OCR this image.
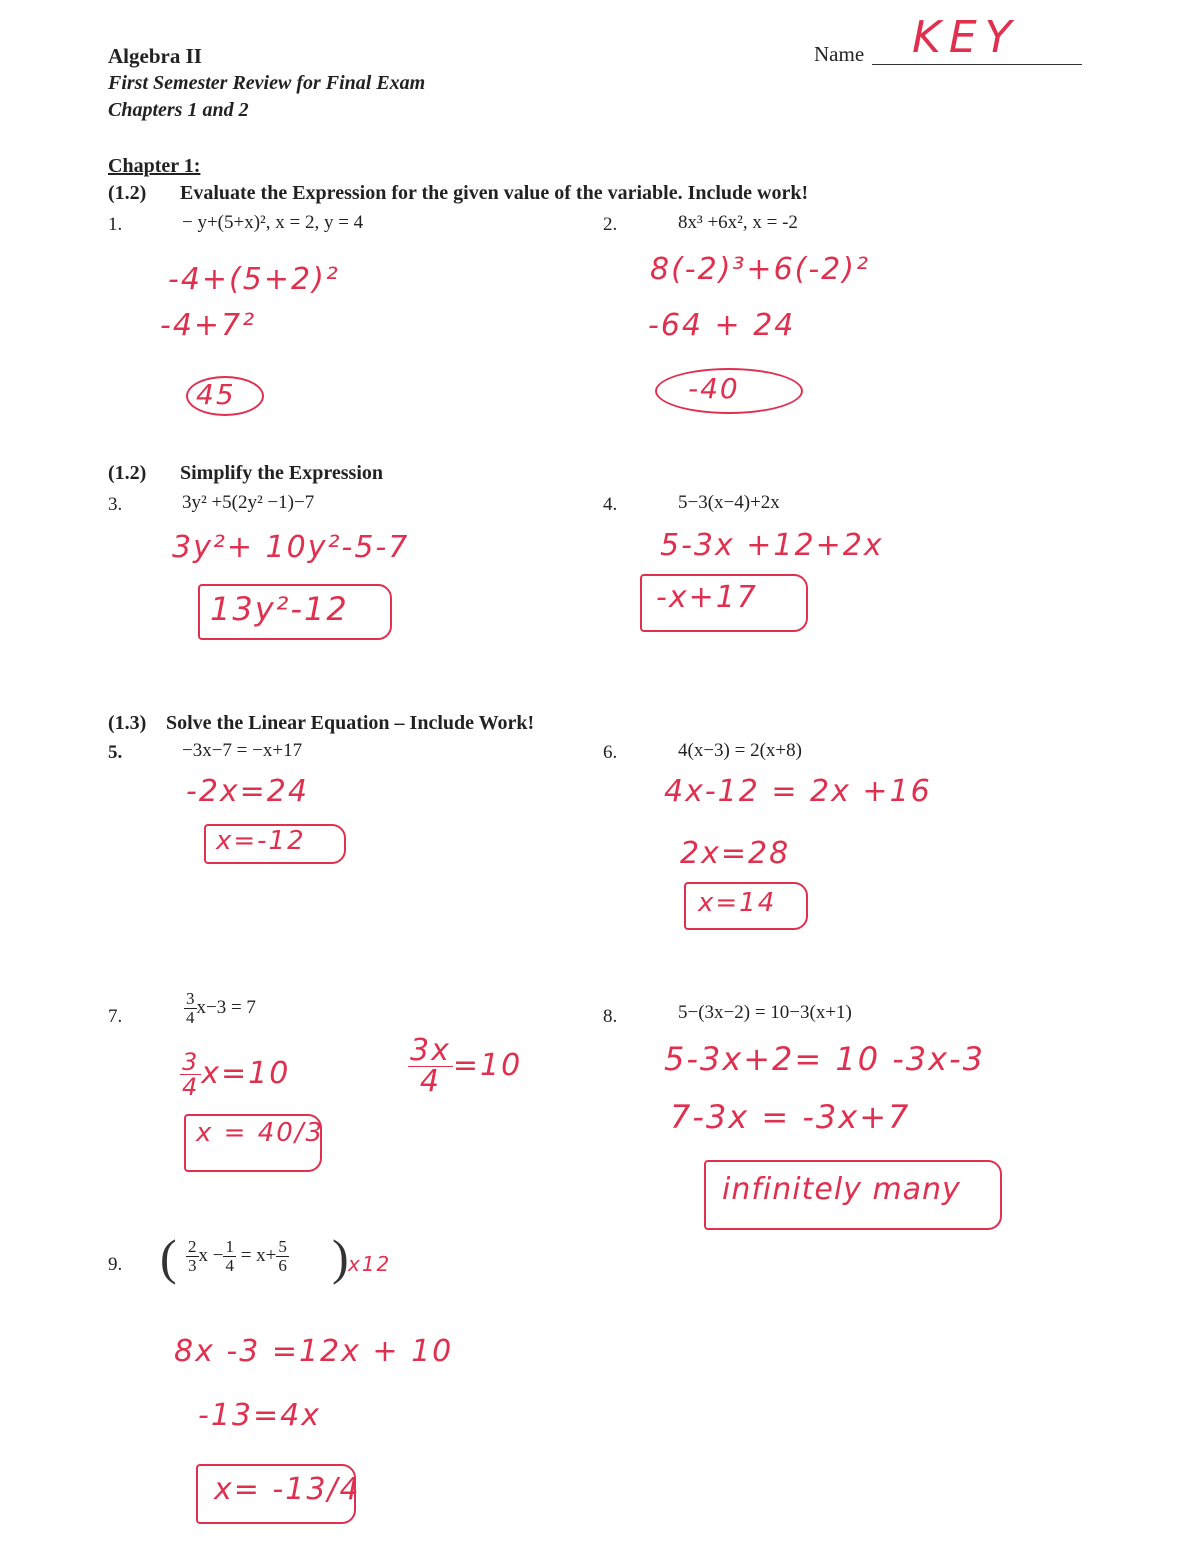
Algebra II
First Semester Review for Final Exam
Chapters 1 and 2
Name KEY
Chapter 1:
(1.2) Evaluate the Expression for the given value of the variable. Include work!
1.	− y+(5+x)², x = 2, y = 4
-4+(5+2)²
-4+7²
45
2.	8x³ +6x², x = -2
8(-2)³+6(-2)²
-64 + 24
-40
(1.2) Simplify the Expression
3.	3y² +5(2y² −1)−7
3y²+ 10y²-5-7
13y²-12
4.	5−3(x−4)+2x
5-3x +12+2x
-x+17
(1.3) Solve the Linear Equation – Include Work!
5.	−3x−7 = −x+17
-2x=24
x=-12
6.	4(x−3) = 2(x+8)
4x-12 = 2x +16
2x=28
x=14
7.	$\frac{3}{4} x-3 = 7$
$\frac{3}{4} x=10$	$\frac{3x}{4} =10$
x = 40/3
8.	5−(3x−2) = 10−3(x+1)
5-3x+2= 10 -3x-3
7-3x = -3x+7
infinitely many
9. ( $\frac{2}{3}$ $x - \frac{1}{4} = x+ \frac{5}{6}$ ) x12
8x -3 =12x + 10
-13=4x
x= -13/4
